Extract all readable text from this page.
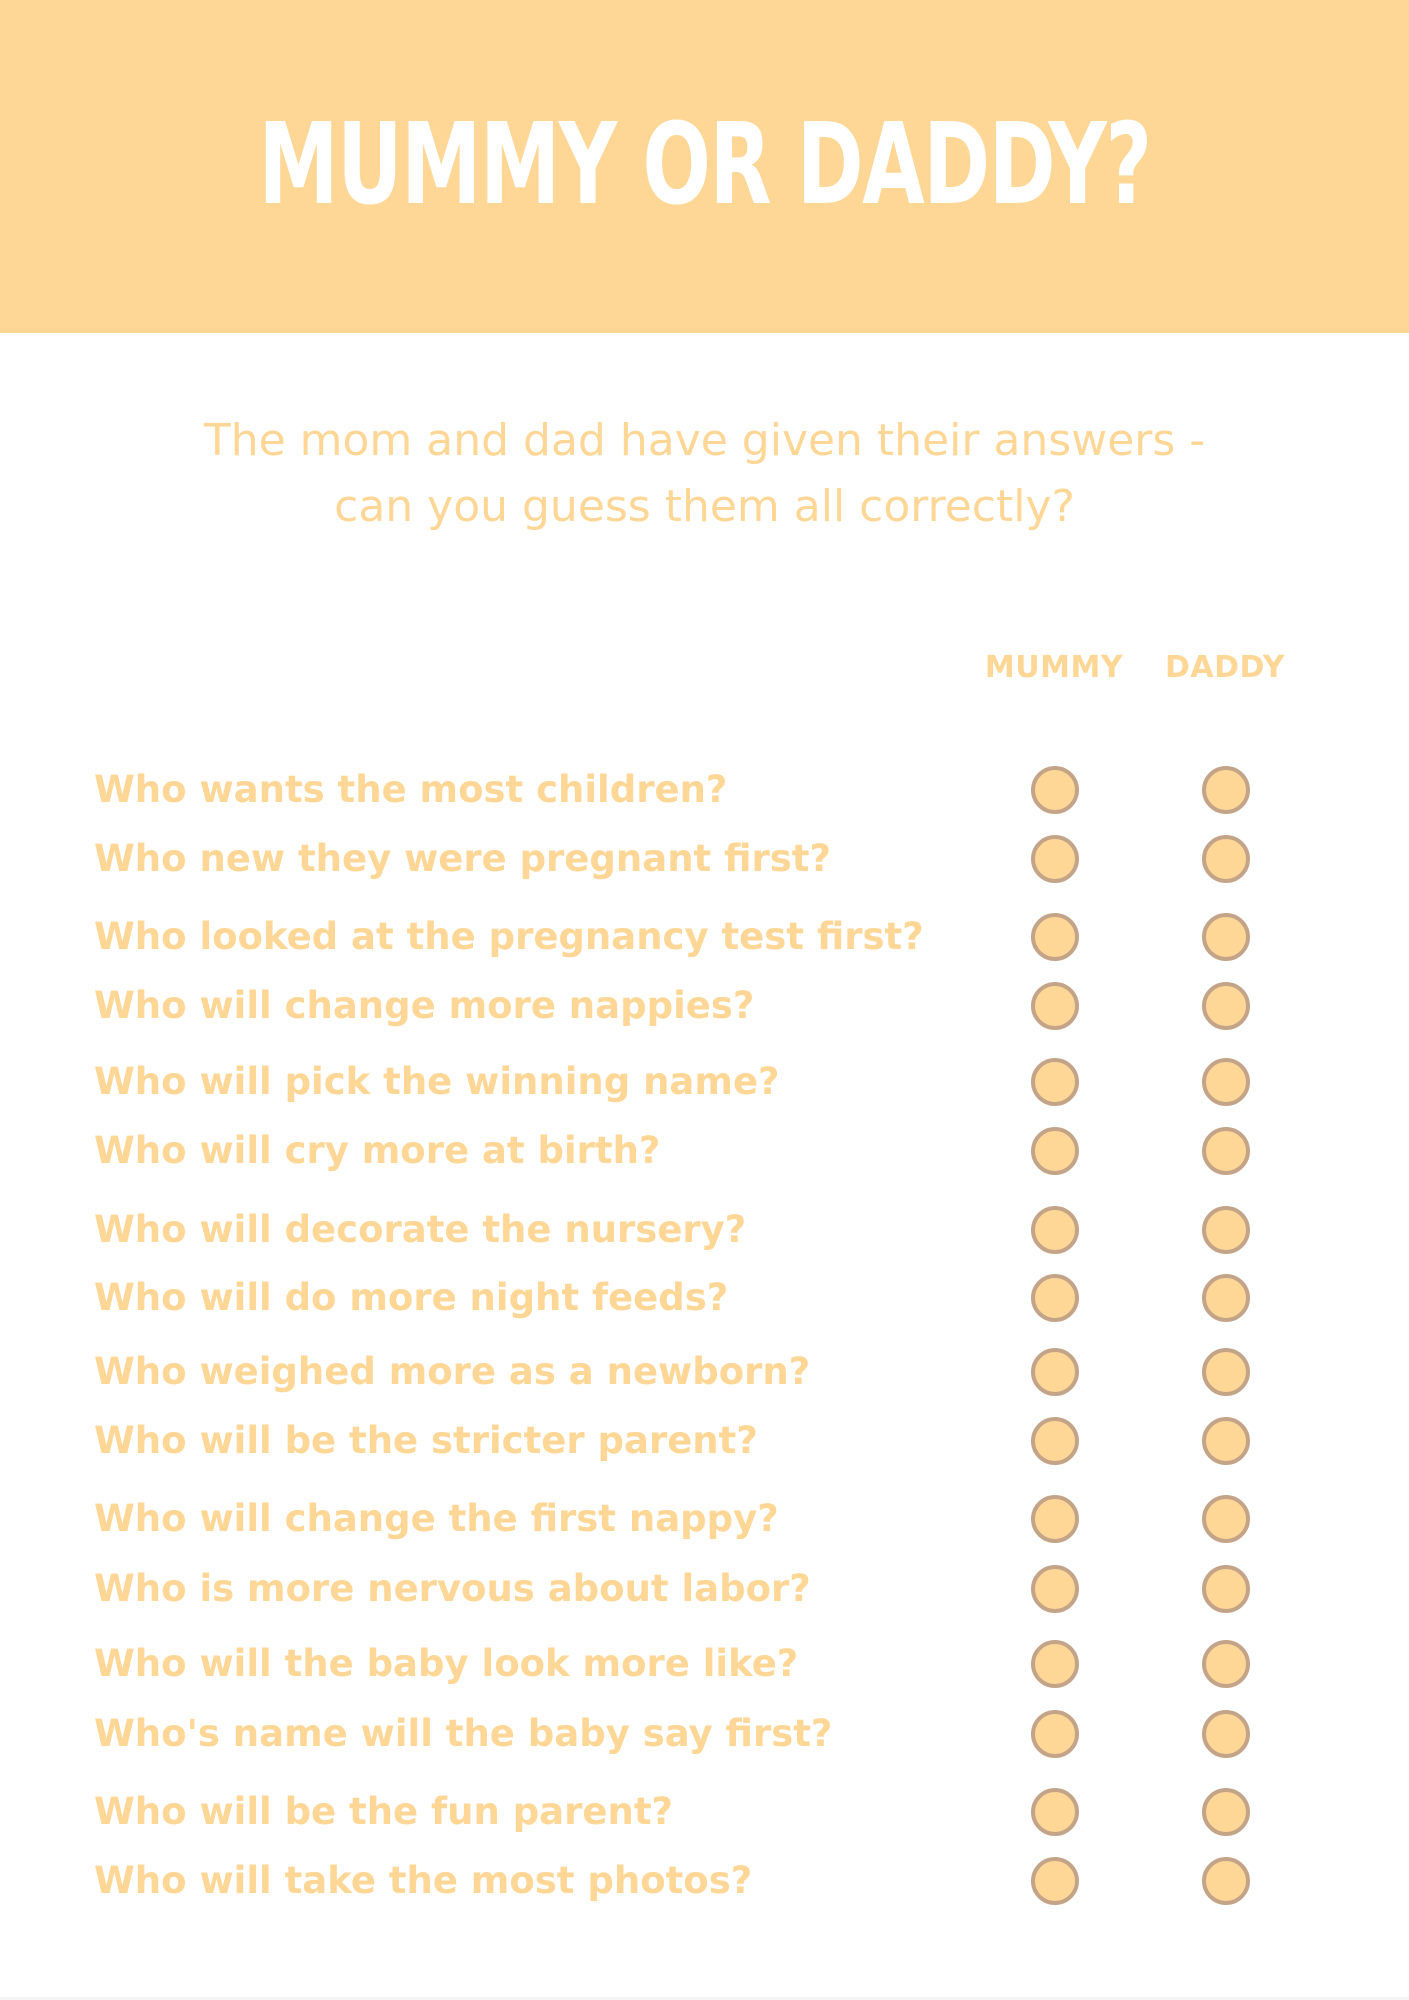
MUMMY OR DADDY?
The mom and dad have given their answers -
can you guess them all correctly?
MUMMY	DADDY
Who wants the most children?
Who new they were pregnant first?
Who looked at the pregnancy test first?
Who will change more nappies?
Who will pick the winning name?
Who will cry more at birth?
Who will decorate the nursery?
Who will do more night feeds?
Who weighed more as a newborn?
Who will be the stricter parent?
Who will change the first nappy?
Who is more nervous about labor?
Who will the baby look more like?
Who's name will the baby say first?
Who will be the fun parent?
Who will take the most photos?
